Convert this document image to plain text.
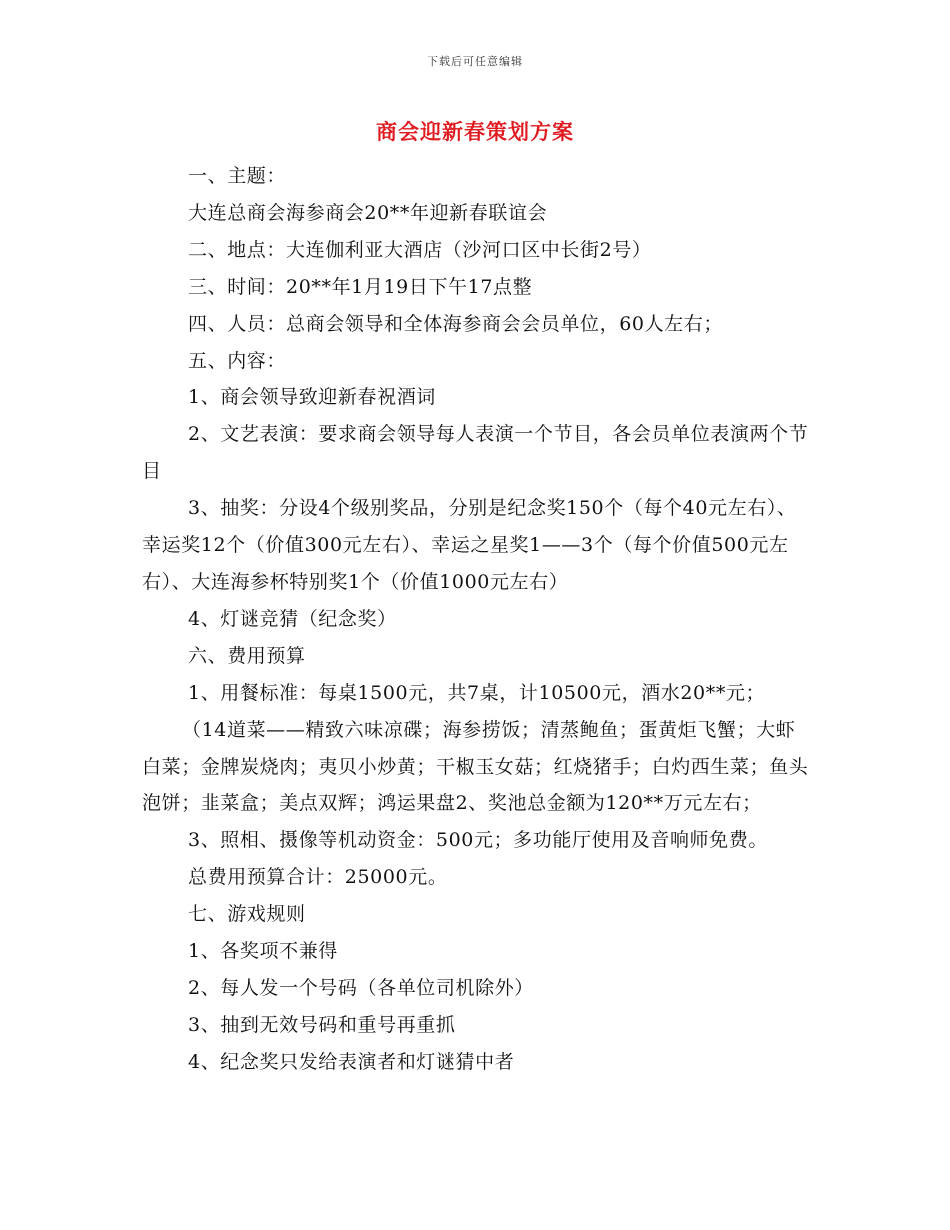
下载后可任意编辑
商会迎新春策划方案

一、主题：

大连总商会海参商会20**年迎新春联谊会

二、地点：大连伽利亚大酒店（沙河口区中长街2号）

三、时间：20**年1月19日下午17点整

四、人员：总商会领导和全体海参商会会员单位，60人左右；

五、内容：

1、商会领导致迎新春祝酒词

2、文艺表演：要求商会领导每人表演一个节目，各会员单位表演两个节目

3、抽奖：分设4个级别奖品，分别是纪念奖150个（每个40元左右）、幸运奖12个（价值300元左右）、幸运之星奖1——3个（每个价值500元左右）、大连海参杯特别奖1个（价值1000元左右）

4、灯谜竞猜（纪念奖）

六、费用预算

1、用餐标准：每桌1500元，共7桌，计10500元，酒水20**元；

（14道菜——精致六味凉碟；海参捞饭；清蒸鲍鱼；蛋黄炬飞蟹；大虾白菜；金牌炭烧肉；夷贝小炒黄；干椒玉女菇；红烧猪手；白灼西生菜；鱼头泡饼；韭菜盒；美点双辉；鸿运果盘2、奖池总金额为120**万元左右；

3、照相、摄像等机动资金：500元；多功能厅使用及音响师免费。

总费用预算合计：25000元。

七、游戏规则

1、各奖项不兼得

2、每人发一个号码（各单位司机除外）

3、抽到无效号码和重号再重抓

4、纪念奖只发给表演者和灯谜猜中者
